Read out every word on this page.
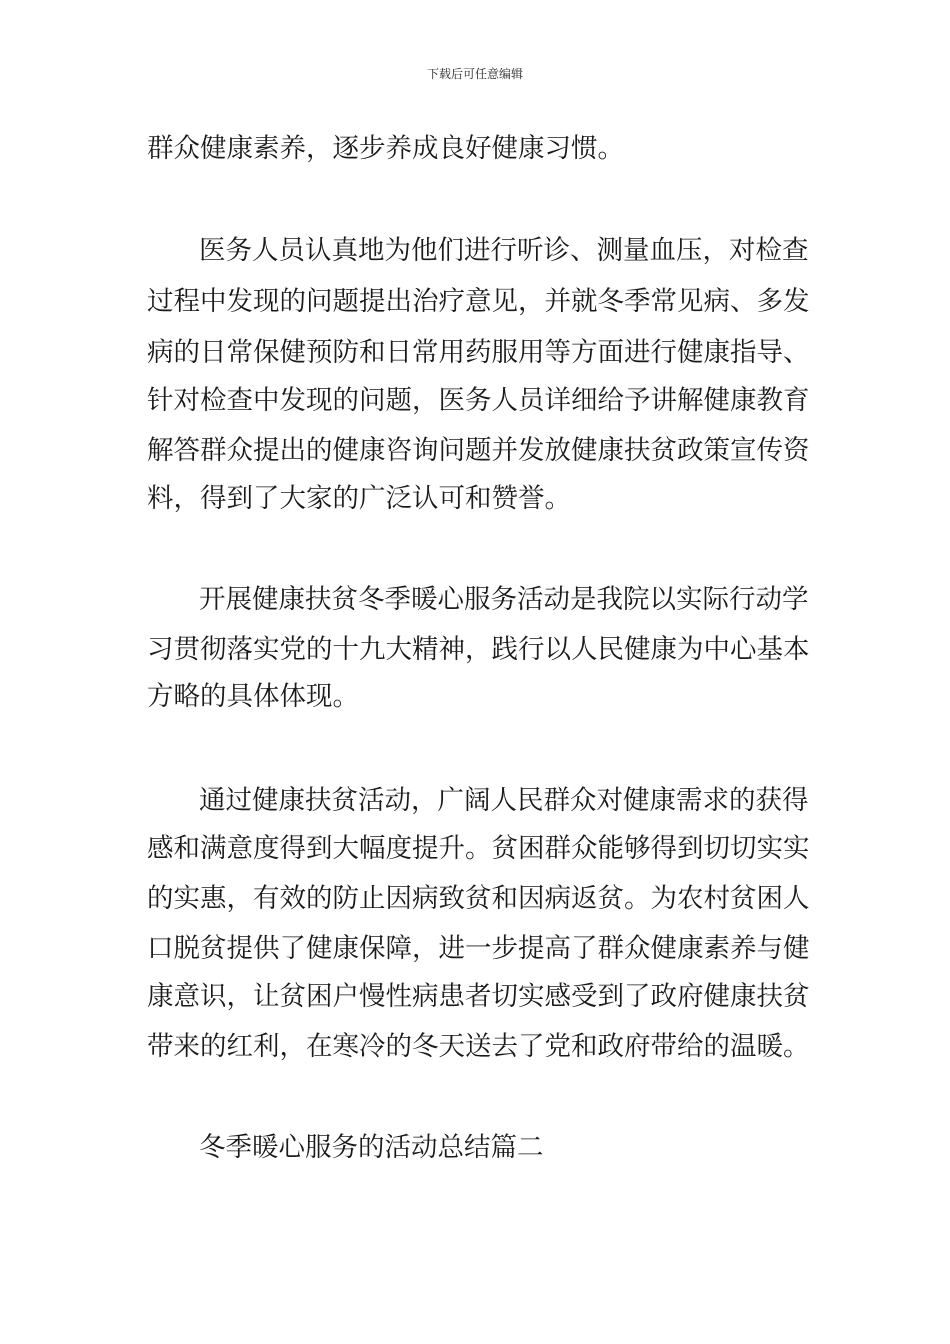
下载后可任意编辑
群众健康素养，逐步养成良好健康习惯。
医务人员认真地为他们进行听诊、测量血压，对检查
过程中发现的问题提出治疗意见，并就冬季常见病、多发
病的日常保健预防和日常用药服用等方面进行健康指导、
针对检查中发现的问题，医务人员详细给予讲解健康教育
解答群众提出的健康咨询问题并发放健康扶贫政策宣传资
料，得到了大家的广泛认可和赞誉。
开展健康扶贫冬季暖心服务活动是我院以实际行动学
习贯彻落实党的十九大精神，践行以人民健康为中心基本
方略的具体体现。
通过健康扶贫活动，广阔人民群众对健康需求的获得
感和满意度得到大幅度提升。贫困群众能够得到切切实实
的实惠，有效的防止因病致贫和因病返贫。为农村贫困人
口脱贫提供了健康保障，进一步提高了群众健康素养与健
康意识，让贫困户慢性病患者切实感受到了政府健康扶贫
带来的红利，在寒冷的冬天送去了党和政府带给的温暖。
冬季暖心服务的活动总结篇二
